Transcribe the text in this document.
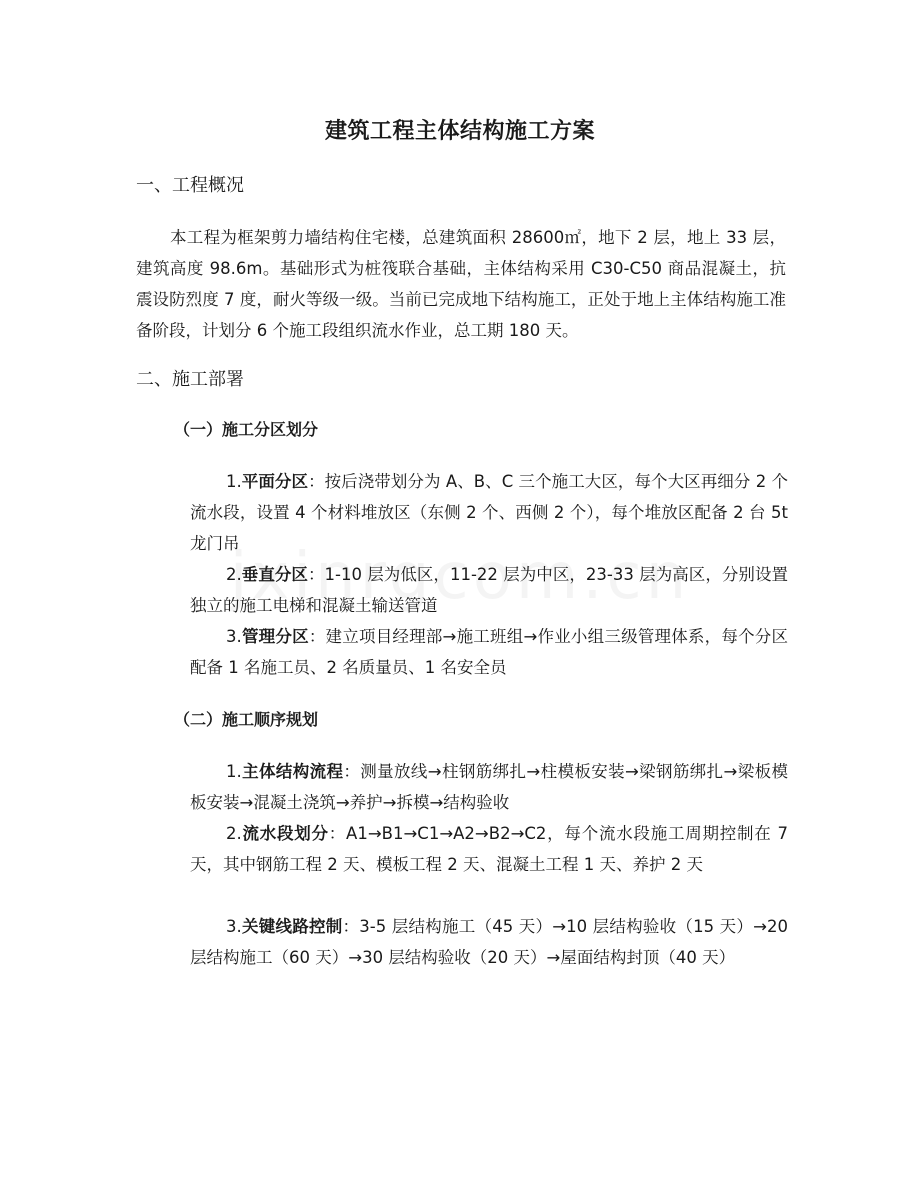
建筑工程主体结构施工方案
一、工程概况

本工程为框架剪力墙结构住宅楼，总建筑面积 28600㎡，地下 2 层，地上 33 层，建筑高度 98.6m。基础形式为桩筏联合基础，主体结构采用 C30-C50 商品混凝土，抗震设防烈度 7 度，耐火等级一级。当前已完成地下结构施工，正处于地上主体结构施工准备阶段，计划分 6 个施工段组织流水作业，总工期 180 天。

二、施工部署
（一）施工分区划分

1.平面分区：按后浇带划分为 A、B、C 三个施工大区，每个大区再细分 2 个流水段，设置 4 个材料堆放区（东侧 2 个、西侧 2 个），每个堆放区配备 2 台 5t 龙门吊

2.垂直分区：1-10 层为低区，11-22 层为中区，23-33 层为高区，分别设置独立的施工电梯和混凝土输送管道

3.管理分区：建立项目经理部→施工班组→作业小组三级管理体系，每个分区配备 1 名施工员、2 名质量员、1 名安全员

（二）施工顺序规划

1.主体结构流程：测量放线→柱钢筋绑扎→柱模板安装→梁钢筋绑扎→梁板模板安装→混凝土浇筑→养护→拆模→结构验收

2.流水段划分：A1→B1→C1→A2→B2→C2，每个流水段施工周期控制在 7 天，其中钢筋工程 2 天、模板工程 2 天、混凝土工程 1 天、养护 2 天

3.关键线路控制：3-5 层结构施工（45 天）→10 层结构验收（15 天）→20 层结构施工（60 天）→30 层结构验收（20 天）→屋面结构封顶（40 天）
